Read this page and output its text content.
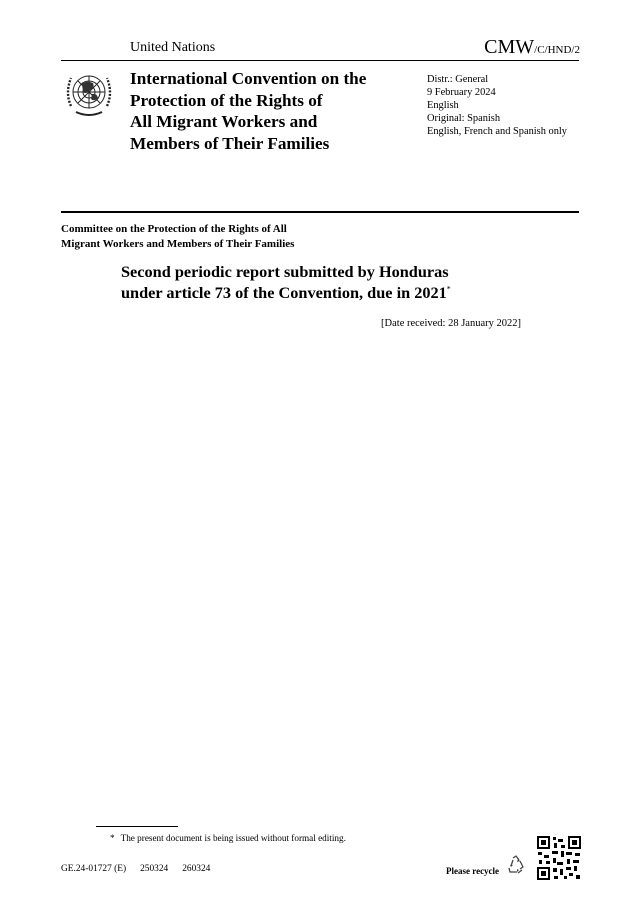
United Nations	CMW/C/HND/2
International Convention on the
Protection of the Rights of
All Migrant Workers and
Members of Their Families
Distr.: General
9 February 2024
English
Original: Spanish
English, French and Spanish only
Committee on the Protection of the Rights of All
Migrant Workers and Members of Their Families
Second periodic report submitted by Honduras
under article 73 of the Convention, due in 2021*
[Date received: 28 January 2022]
* The present document is being issued without formal editing.
GE.24-01727 (E) 250324 260324	Please recycle
